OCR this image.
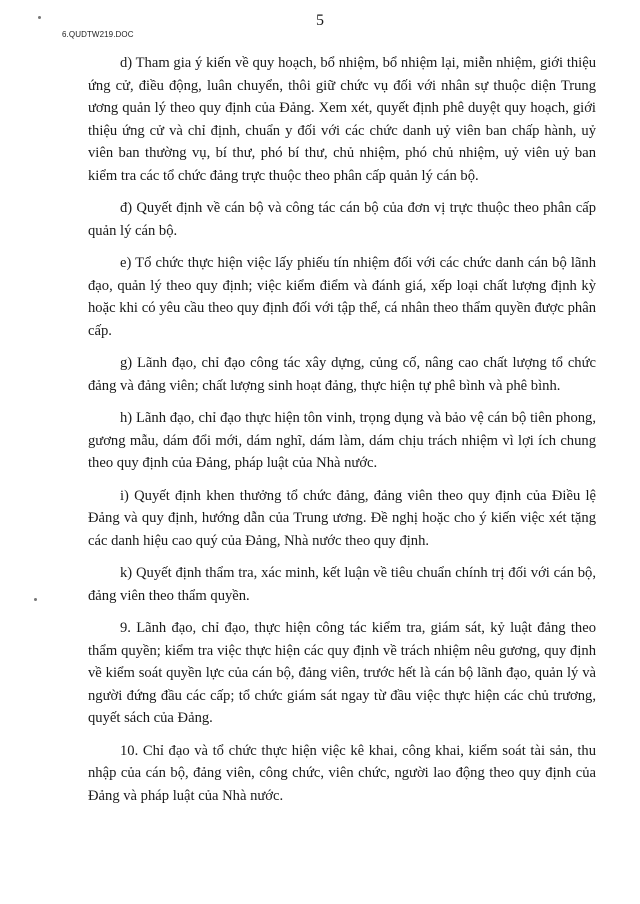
6.QUDTW219.DOC
5

d) Tham gia ý kiến về quy hoạch, bổ nhiệm, bổ nhiệm lại, miễn nhiệm, giới thiệu ứng cử, điều động, luân chuyển, thôi giữ chức vụ đối với nhân sự thuộc diện Trung ương quản lý theo quy định của Đảng. Xem xét, quyết định phê duyệt quy hoạch, giới thiệu ứng cử và chỉ định, chuẩn y đối với các chức danh uỷ viên ban chấp hành, uỷ viên ban thường vụ, bí thư, phó bí thư, chủ nhiệm, phó chủ nhiệm, uỷ viên uỷ ban kiểm tra các tổ chức đảng trực thuộc theo phân cấp quản lý cán bộ.

đ) Quyết định về cán bộ và công tác cán bộ của đơn vị trực thuộc theo phân cấp quản lý cán bộ.

e) Tổ chức thực hiện việc lấy phiếu tín nhiệm đối với các chức danh cán bộ lãnh đạo, quản lý theo quy định; việc kiểm điểm và đánh giá, xếp loại chất lượng định kỳ hoặc khi có yêu cầu theo quy định đối với tập thể, cá nhân theo thẩm quyền được phân cấp.

g) Lãnh đạo, chỉ đạo công tác xây dựng, củng cố, nâng cao chất lượng tổ chức đảng và đảng viên; chất lượng sinh hoạt đảng, thực hiện tự phê bình và phê bình.

h) Lãnh đạo, chỉ đạo thực hiện tôn vinh, trọng dụng và bảo vệ cán bộ tiên phong, gương mẫu, dám đổi mới, dám nghĩ, dám làm, dám chịu trách nhiệm vì lợi ích chung theo quy định của Đảng, pháp luật của Nhà nước.

i) Quyết định khen thưởng tổ chức đảng, đảng viên theo quy định của Điều lệ Đảng và quy định, hướng dẫn của Trung ương. Đề nghị hoặc cho ý kiến việc xét tặng các danh hiệu cao quý của Đảng, Nhà nước theo quy định.

k) Quyết định thẩm tra, xác minh, kết luận về tiêu chuẩn chính trị đối với cán bộ, đảng viên theo thẩm quyền.

9. Lãnh đạo, chỉ đạo, thực hiện công tác kiểm tra, giám sát, kỷ luật đảng theo thẩm quyền; kiểm tra việc thực hiện các quy định về trách nhiệm nêu gương, quy định về kiểm soát quyền lực của cán bộ, đảng viên, trước hết là cán bộ lãnh đạo, quản lý và người đứng đầu các cấp; tổ chức giám sát ngay từ đầu việc thực hiện các chủ trương, quyết sách của Đảng.

10. Chỉ đạo và tổ chức thực hiện việc kê khai, công khai, kiểm soát tài sản, thu nhập của cán bộ, đảng viên, công chức, viên chức, người lao động theo quy định của Đảng và pháp luật của Nhà nước.
